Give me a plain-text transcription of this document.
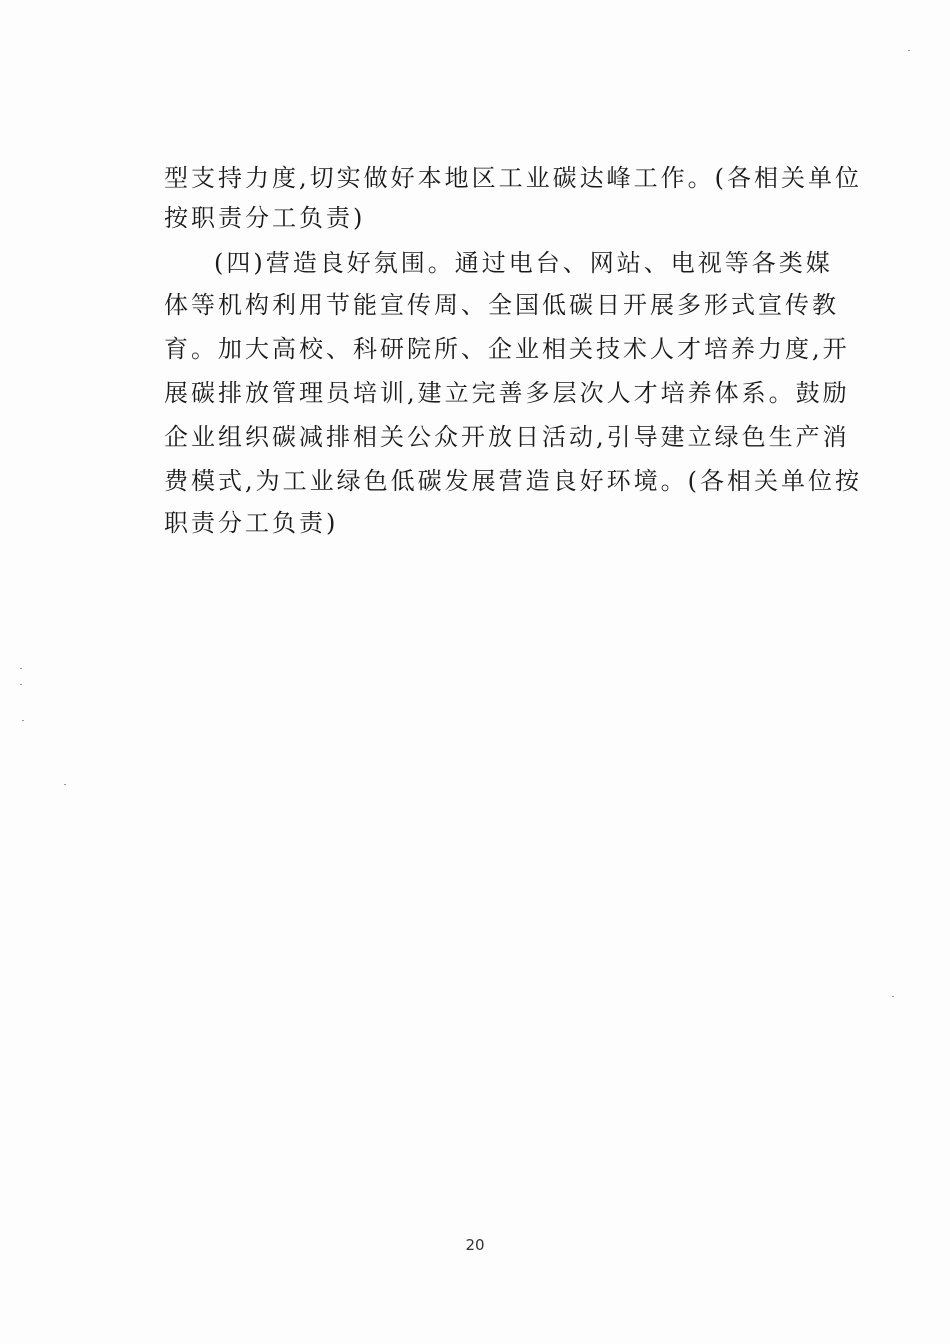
型支持力度,切实做好本地区工业碳达峰工作。(各相关单位
按职责分工负责)
(四)营造良好氛围。通过电台、网站、电视等各类媒
体等机构利用节能宣传周、全国低碳日开展多形式宣传教
育。加大高校、科研院所、企业相关技术人才培养力度,开
展碳排放管理员培训,建立完善多层次人才培养体系。鼓励
企业组织碳减排相关公众开放日活动,引导建立绿色生产消
费模式,为工业绿色低碳发展营造良好环境。(各相关单位按
职责分工负责)
20
